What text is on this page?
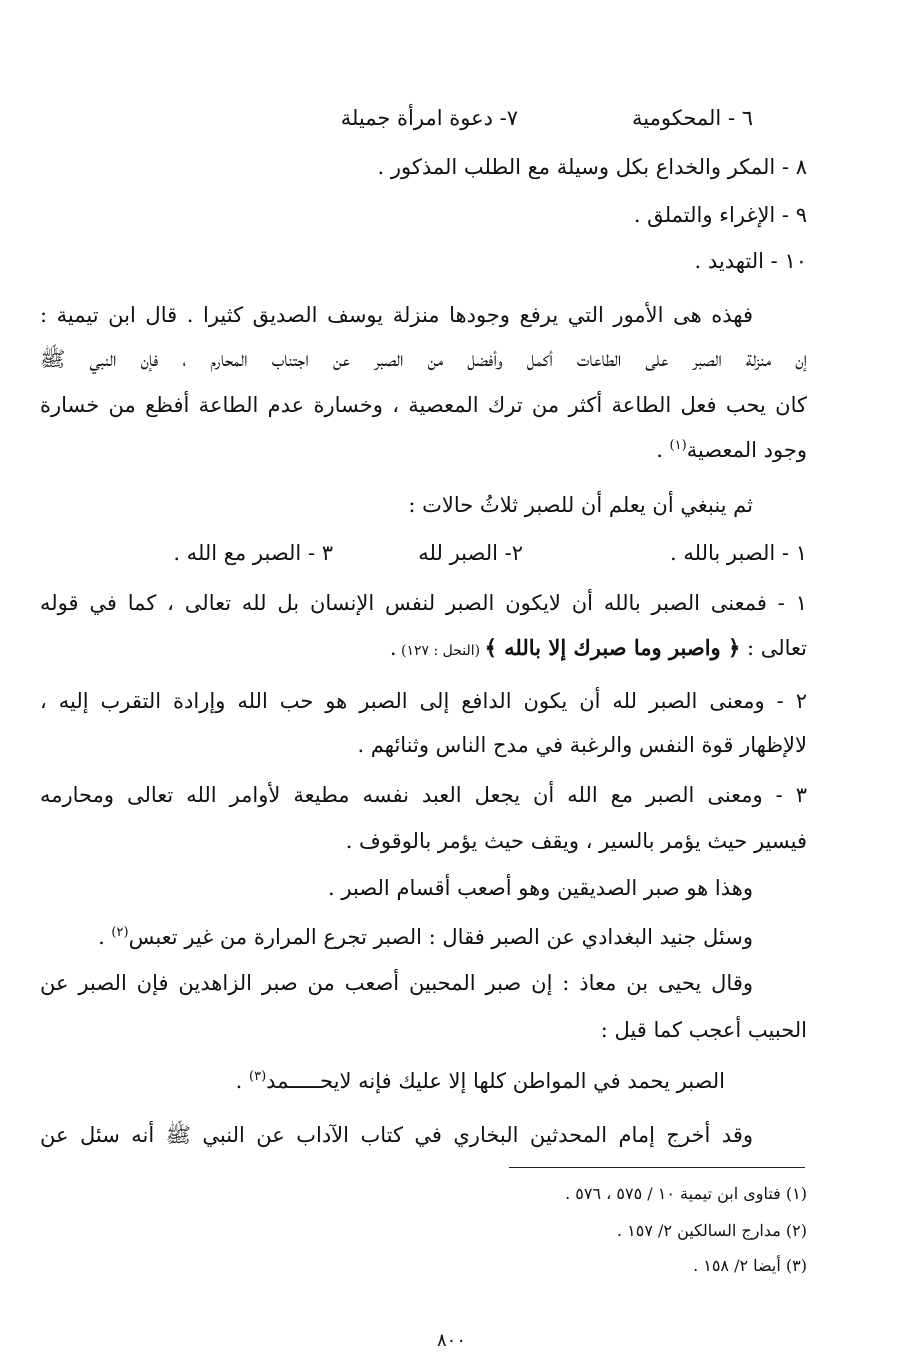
٦ - المحكومية
٧- دعوة امرأة جميلة
٨ - المكر والخداع بكل وسيلة مع الطلب المذكور .
٩ - الإغراء والتملق .
١٠ - التهديد .
فهذه هى الأمور التي يرفع وجودها منزلة يوسف الصديق كثيرا . قال ابن تيمية :
إن منزلة الصبر على الطاعات أكمل وأفضل من الصبر عن اجتناب المحارم ، فإن النبي ﷺ
كان يحب فعل الطاعة أكثر من ترك المعصية ، وخسارة عدم الطاعة أفظع من خسارة
وجود المعصية$^{(١)}$ .
ثم ينبغي أن يعلم أن للصبر ثلاثُ حالات :
١ - الصبر بالله .
٢- الصبر لله
٣ - الصبر مع الله .
١ - فمعنى الصبر بالله أن لايكون الصبر لنفس الإنسان بل لله تعالى ، كما في قوله
تعالى : ﴿ واصبر وما صبرك إلا بالله ﴾ (النحل : ١٢٧) .
٢ - ومعنى الصبر لله أن يكون الدافع إلى الصبر هو حب الله وإرادة التقرب إليه ،
لالإظهار قوة النفس والرغبة في مدح الناس وثنائهم .
٣ - ومعنى الصبر مع الله أن يجعل العبد نفسه مطيعة لأوامر الله تعالى ومحارمه
فيسير حيث يؤمر بالسير ، ويقف حيث يؤمر بالوقوف .
وهذا هو صبر الصديقين وهو أصعب أقسام الصبر .
وسئل جنيد البغدادي عن الصبر فقال : الصبر تجرع المرارة من غير تعبس$^{(٢)}$ .
وقال يحيى بن معاذ : إن صبر المحبين أصعب من صبر الزاهدين فإن الصبر عن
الحبيب أعجب كما قيل :
الصبر يحمد في المواطن كلها إلا عليك فإنه لايحـــــمد$^{(٣)}$ .
وقد أخرج إمام المحدثين البخاري في كتاب الآداب عن النبي ﷺ أنه سئل عن
(١) فتاوى ابن تيمية ١٠ / ٥٧٥ ، ٥٧٦ .
(٢) مدارج السالكين ٢/ ١٥٧ .
(٣) أيضا ٢/ ١٥٨ .
٨٠٠
